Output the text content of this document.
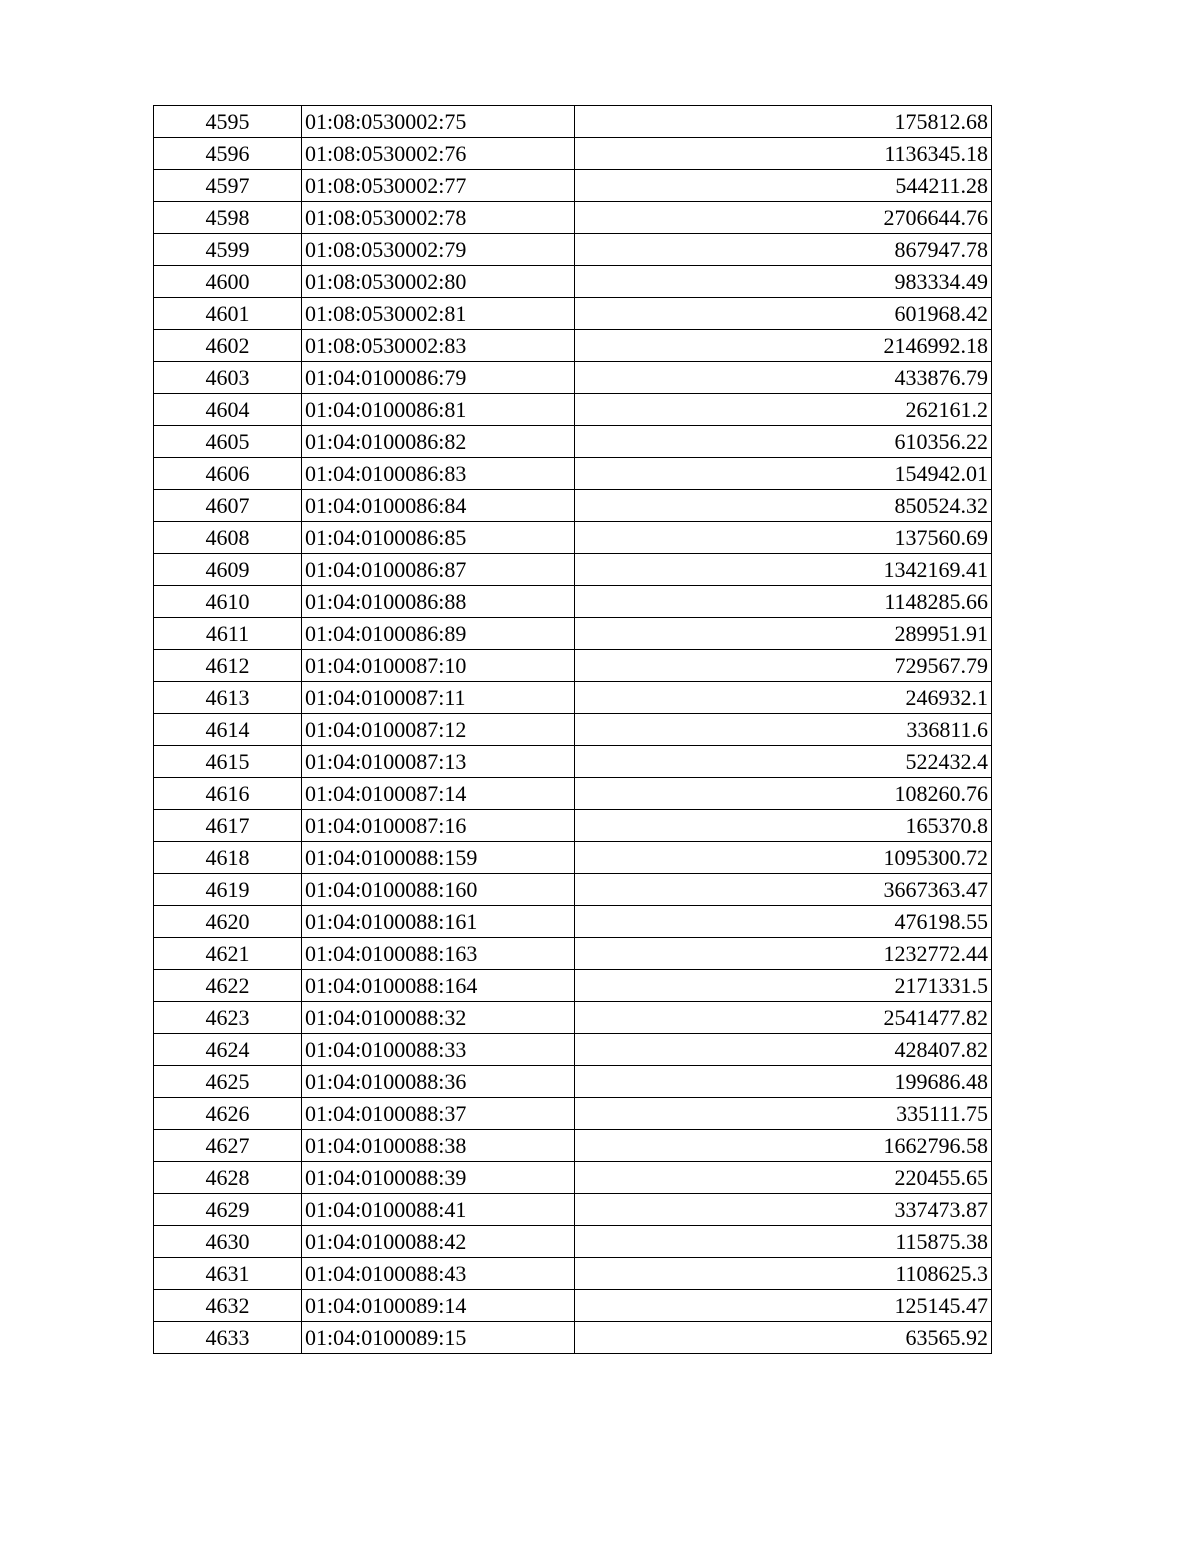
4595	01:08:0530002:75	175812.68
4596	01:08:0530002:76	1136345.18
4597	01:08:0530002:77	544211.28
4598	01:08:0530002:78	2706644.76
4599	01:08:0530002:79	867947.78
4600	01:08:0530002:80	983334.49
4601	01:08:0530002:81	601968.42
4602	01:08:0530002:83	2146992.18
4603	01:04:0100086:79	433876.79
4604	01:04:0100086:81	262161.2
4605	01:04:0100086:82	610356.22
4606	01:04:0100086:83	154942.01
4607	01:04:0100086:84	850524.32
4608	01:04:0100086:85	137560.69
4609	01:04:0100086:87	1342169.41
4610	01:04:0100086:88	1148285.66
4611	01:04:0100086:89	289951.91
4612	01:04:0100087:10	729567.79
4613	01:04:0100087:11	246932.1
4614	01:04:0100087:12	336811.6
4615	01:04:0100087:13	522432.4
4616	01:04:0100087:14	108260.76
4617	01:04:0100087:16	165370.8
4618	01:04:0100088:159	1095300.72
4619	01:04:0100088:160	3667363.47
4620	01:04:0100088:161	476198.55
4621	01:04:0100088:163	1232772.44
4622	01:04:0100088:164	2171331.5
4623	01:04:0100088:32	2541477.82
4624	01:04:0100088:33	428407.82
4625	01:04:0100088:36	199686.48
4626	01:04:0100088:37	335111.75
4627	01:04:0100088:38	1662796.58
4628	01:04:0100088:39	220455.65
4629	01:04:0100088:41	337473.87
4630	01:04:0100088:42	115875.38
4631	01:04:0100088:43	1108625.3
4632	01:04:0100089:14	125145.47
4633	01:04:0100089:15	63565.92
